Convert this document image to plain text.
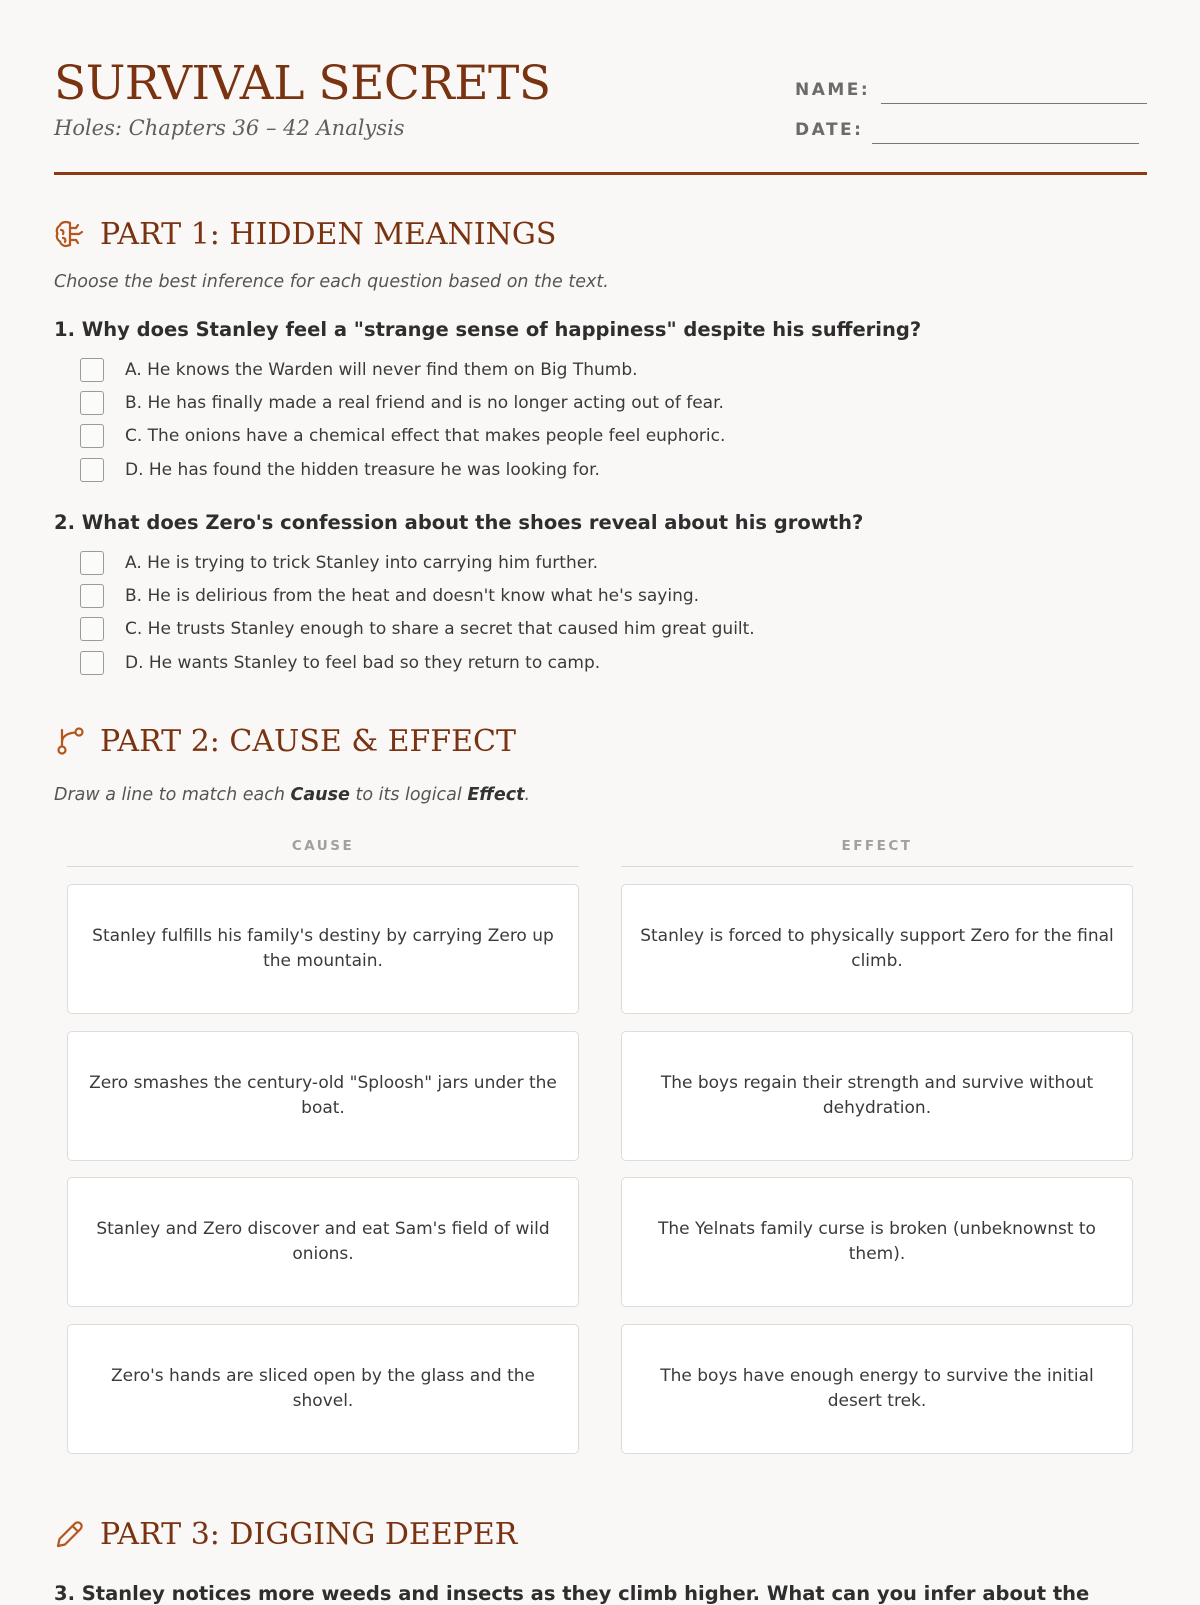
SURVIVAL SECRETS
Holes: Chapters 36 – 42 Analysis
NAME:
DATE:
PART 1: HIDDEN MEANINGS
Choose the best inference for each question based on the text.
1. Why does Stanley feel a "strange sense of happiness" despite his suffering?
A. He knows the Warden will never find them on Big Thumb.
B. He has finally made a real friend and is no longer acting out of fear.
C. The onions have a chemical effect that makes people feel euphoric.
D. He has found the hidden treasure he was looking for.
2. What does Zero's confession about the shoes reveal about his growth?
A. He is trying to trick Stanley into carrying him further.
B. He is delirious from the heat and doesn't know what he's saying.
C. He trusts Stanley enough to share a secret that caused him great guilt.
D. He wants Stanley to feel bad so they return to camp.
PART 2: CAUSE & EFFECT
Draw a line to match each Cause to its logical Effect.
CAUSE	EFFECT
Stanley fulfills his family's destiny by carrying Zero up the mountain.
Zero smashes the century-old "Sploosh" jars under the boat.
Stanley and Zero discover and eat Sam's field of wild onions.
Zero's hands are sliced open by the glass and the shovel.
Stanley is forced to physically support Zero for the final climb.
The boys regain their strength and survive without dehydration.
The Yelnats family curse is broken (unbeknownst to them).
The boys have enough energy to survive the initial desert trek.
PART 3: DIGGING DEEPER
3. Stanley notices more weeds and insects as they climb higher. What can you infer about the
